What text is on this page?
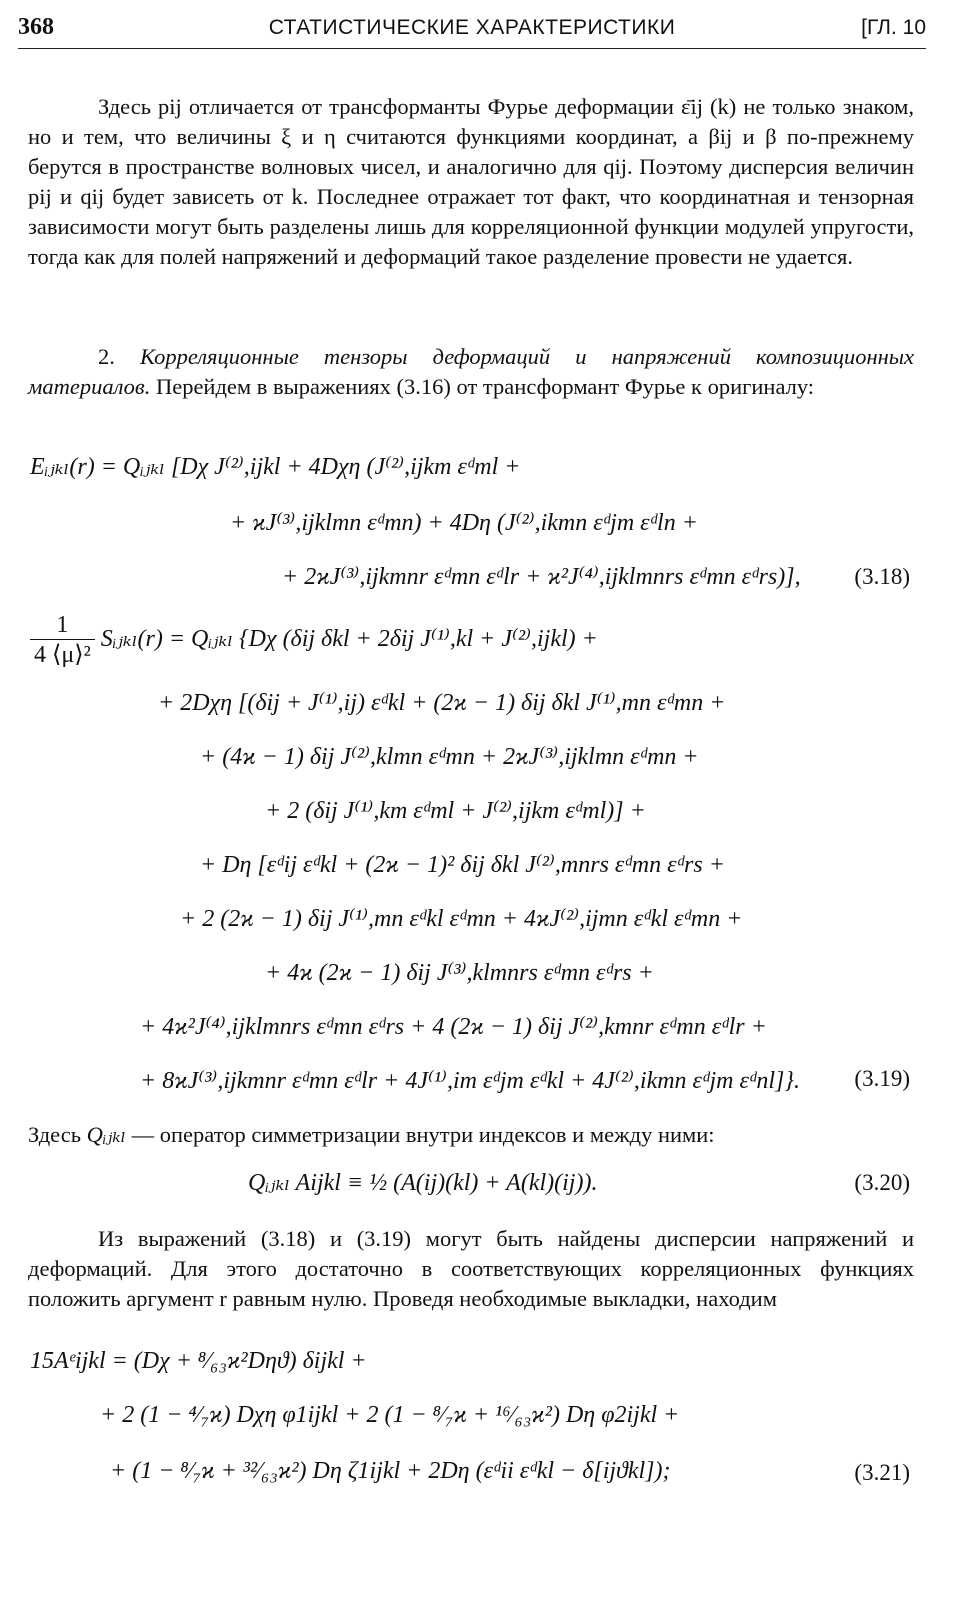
368	СТАТИСТИЧЕСКИЕ ХАРАКТЕРИСТИКИ	[ГЛ. 10

Здесь pij отличается от трансформанты Фурье деформации ε̄ij (k) не только знаком, но и тем, что величины ξ и η считаются функциями координат, а βij и β по-прежнему берутся в пространстве волновых чисел, и аналогично для qij. Поэтому дисперсия величин pij и qij будет зависеть от k. Последнее отражает тот факт, что координатная и тензорная зависимости могут быть разделены лишь для корреляционной функции модулей упругости, тогда как для полей напряжений и деформаций такое разделение провести не удается.

2. Корреляционные тензоры деформаций и напряжений композиционных материалов. Перейдем в выражениях (3.16) от трансформант Фурье к оригиналу:

Eᵢⱼₖₗ(r) = Qᵢⱼₖₗ [Dχ J⁽²⁾,ijkl + 4Dχη (J⁽²⁾,ijkm εᵈml +
+ ϰJ⁽³⁾,ijklmn εᵈmn) + 4Dη (J⁽²⁾,ikmn εᵈjm εᵈln +
+ 2ϰJ⁽³⁾,ijkmnr εᵈmn εᵈlr + ϰ²J⁽⁴⁾,ijklmnrs εᵈmn εᵈrs)], (3.18)
$\frac{1}{\text{4 ⟨μ⟩²}}$ Sᵢⱼₖₗ(r) = Qᵢⱼₖₗ {Dχ (δij δkl + 2δij J⁽¹⁾,kl + J⁽²⁾,ijkl) +
+ 2Dχη [(δij + J⁽¹⁾,ij) εᵈkl + (2ϰ − 1) δij δkl J⁽¹⁾,mn εᵈmn +
+ (4ϰ − 1) δij J⁽²⁾,klmn εᵈmn + 2ϰJ⁽³⁾,ijklmn εᵈmn +
+ 2 (δij J⁽¹⁾,km εᵈml + J⁽²⁾,ijkm εᵈml)] +
+ Dη [εᵈij εᵈkl + (2ϰ − 1)² δij δkl J⁽²⁾,mnrs εᵈmn εᵈrs +
+ 2 (2ϰ − 1) δij J⁽¹⁾,mn εᵈkl εᵈmn + 4ϰJ⁽²⁾,ijmn εᵈkl εᵈmn +
+ 4ϰ (2ϰ − 1) δij J⁽³⁾,klmnrs εᵈmn εᵈrs +
+ 4ϰ²J⁽⁴⁾,ijklmnrs εᵈmn εᵈrs + 4 (2ϰ − 1) δij J⁽²⁾,kmnr εᵈmn εᵈlr +
+ 8ϰJ⁽³⁾,ijkmnr εᵈmn εᵈlr + 4J⁽¹⁾,im εᵈjm εᵈkl + 4J⁽²⁾,ikmn εᵈjm εᵈnl]}. (3.19)

Здесь Qᵢⱼₖₗ — оператор симметризации внутри индексов и между ними:

Qᵢⱼₖₗ Aijkl ≡ ½ (A(ij)(kl) + A(kl)(ij)).	(3.20)

Из выражений (3.18) и (3.19) могут быть найдены дисперсии напряжений и деформаций. Для этого достаточно в соответствующих корреляционных функциях положить аргумент r равным нулю. Проведя необходимые выкладки, находим

15Aᵉijkl = (Dχ + ⁸⁄₆₃ϰ²Dηϑ) δijkl +
+ 2 (1 − ⁴⁄₇ϰ) Dχη φ1ijkl + 2 (1 − ⁸⁄₇ϰ + ¹⁶⁄₆₃ϰ²) Dη φ2ijkl +
+ (1 − ⁸⁄₇ϰ + ³²⁄₆₃ϰ²) Dη ζ1ijkl + 2Dη (εᵈii εᵈkl − δ[ijϑkl]);	(3.21)
